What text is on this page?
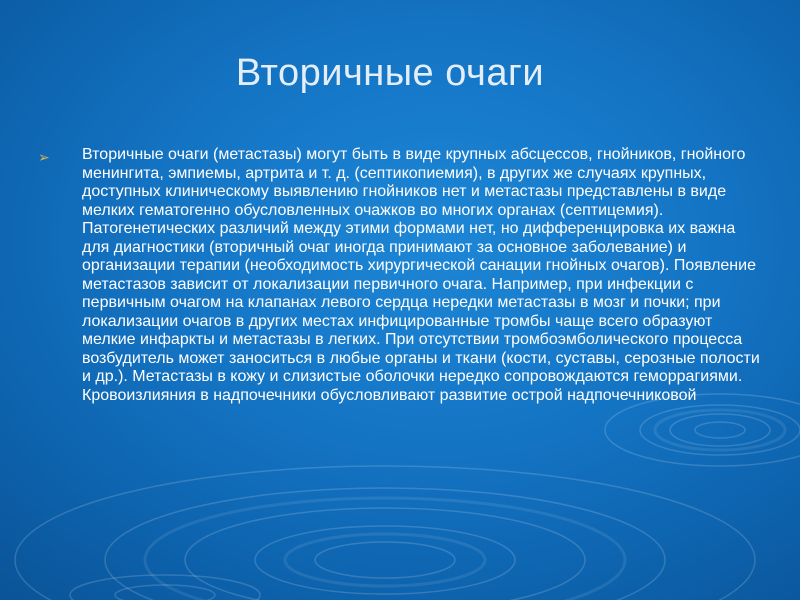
Вторичные очаги
➢ Вторичные очаги (метастазы) могут быть в виде крупных абсцессов, гнойников, гнойного менингита, эмпиемы, артрита и т. д. (септикопиемия), в других же случаях крупных, доступных клиническому выявлению гнойников нет и метастазы представлены в виде мелких гематогенно обусловленных очажков во многих органах (септицемия). Патогенетических различий между этими формами нет, но дифференцировка их важна для диагностики (вторичный очаг иногда принимают за основное заболевание) и организации терапии (необходимость хирургической санации гнойных очагов). Появление метастазов зависит от локализации первичного очага. Например, при инфекции с первичным очагом на клапанах левого сердца нередки метастазы в мозг и почки; при локализации очагов в других местах инфицированные тромбы чаще всего образуют мелкие инфаркты и метастазы в легких. При отсутствии тромбоэмболического процесса возбудитель может заноситься в любые органы и ткани (кости, суставы, серозные полости и др.). Метастазы в кожу и слизистые оболочки нередко сопровождаются геморрагиями. Кровоизлияния в надпочечники обусловливают развитие острой надпочечниковой
